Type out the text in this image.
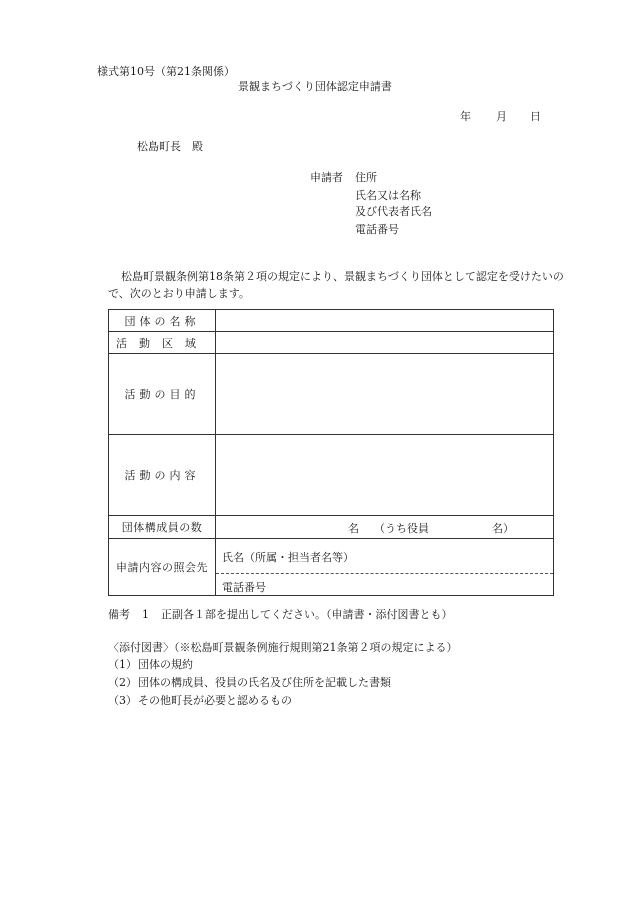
様式第10号（第21条関係）
景観まちづくり団体認定申請書
年 月 日
松島町長 殿
申請者 住所
氏名又は名称
及び代表者氏名
電話番号
松島町景観条例第18条第２項の規定により、景観まちづくり団体として認定を受けたいので、次のとおり申請します。
団体の名称	
活動区域	
活動の目的	
活動の内容	
団体構成員の数	名 （うち役員 名）

申請内容の照会先	氏名（所属・担当者名等）
電話番号
備考 1 正副各１部を提出してください。（申請書・添付図書とも）
〈添付図書〉（※松島町景観条例施行規則第21条第２項の規定による）
（1）団体の規約
（2）団体の構成員、役員の氏名及び住所を記載した書類
（3）その他町長が必要と認めるもの
